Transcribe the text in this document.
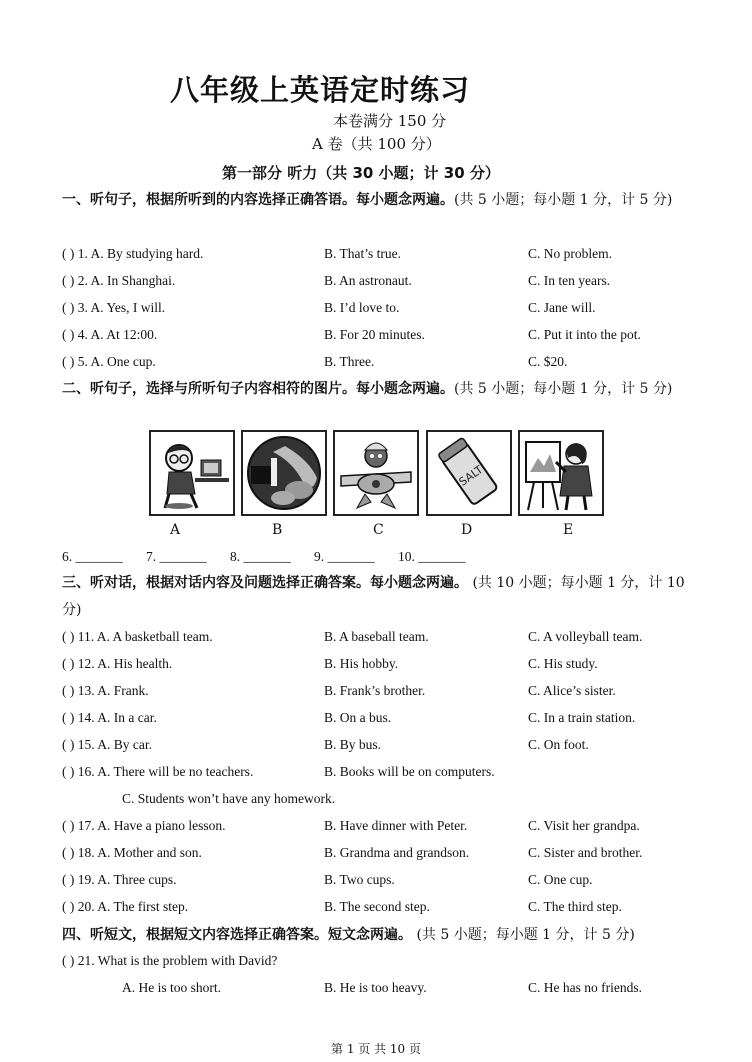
八年级上英语定时练习
本卷满分 150 分
A 卷（共 100 分）
第一部分 听力（共 30 小题；计 30 分）
一、听句子，根据所听到的内容选择正确答语。每小题念两遍。(共 5 小题；每小题 1 分，计 5 分)
( ) 1. A. By studying hard.	B. That’s true.	C. No problem.
( ) 2. A. In Shanghai.	B. An astronaut.	C. In ten years.
( ) 3. A. Yes, I will.	B. I’d love to.	C. Jane will.
( ) 4. A. At 12:00.	B. For 20 minutes.	C. Put it into the pot.
( ) 5. A. One cup.	B. Three.	C. $20.
二、听句子，选择与所听句子内容相符的图片。每小题念两遍。(共 5 小题；每小题 1 分，计 5 分)
SALT
A	B	C	D	E
6. _______ 7. _______ 8. _______ 9. _______ 10. _______
三、听对话，根据对话内容及问题选择正确答案。每小题念两遍。 (共 10 小题；每小题 1 分，计 10 分)
( ) 11. A. A basketball team.	B. A baseball team.	C. A volleyball team.
( ) 12. A. His health.	B. His hobby.	C. His study.
( ) 13. A. Frank.	B. Frank’s brother.	C. Alice’s sister.
( ) 14. A. In a car.	B. On a bus.	C. In a train station.
( ) 15. A. By car.	B. By bus.	C. On foot.
( ) 16. A. There will be no teachers.	B. Books will be on computers.
C. Students won’t have any homework.
( ) 17. A. Have a piano lesson.	B. Have dinner with Peter.	C. Visit her grandpa.
( ) 18. A. Mother and son.	B. Grandma and grandson.	C. Sister and brother.
( ) 19. A. Three cups.	B. Two cups.	C. One cup.
( ) 20. A. The first step.	B. The second step.	C. The third step.
四、听短文，根据短文内容选择正确答案。短文念两遍。 (共 5 小题；每小题 1 分，计 5 分)
( ) 21. What is the problem with David?
A. He is too short.	B. He is too heavy.	C. He has no friends.
第 1 页 共 10 页
